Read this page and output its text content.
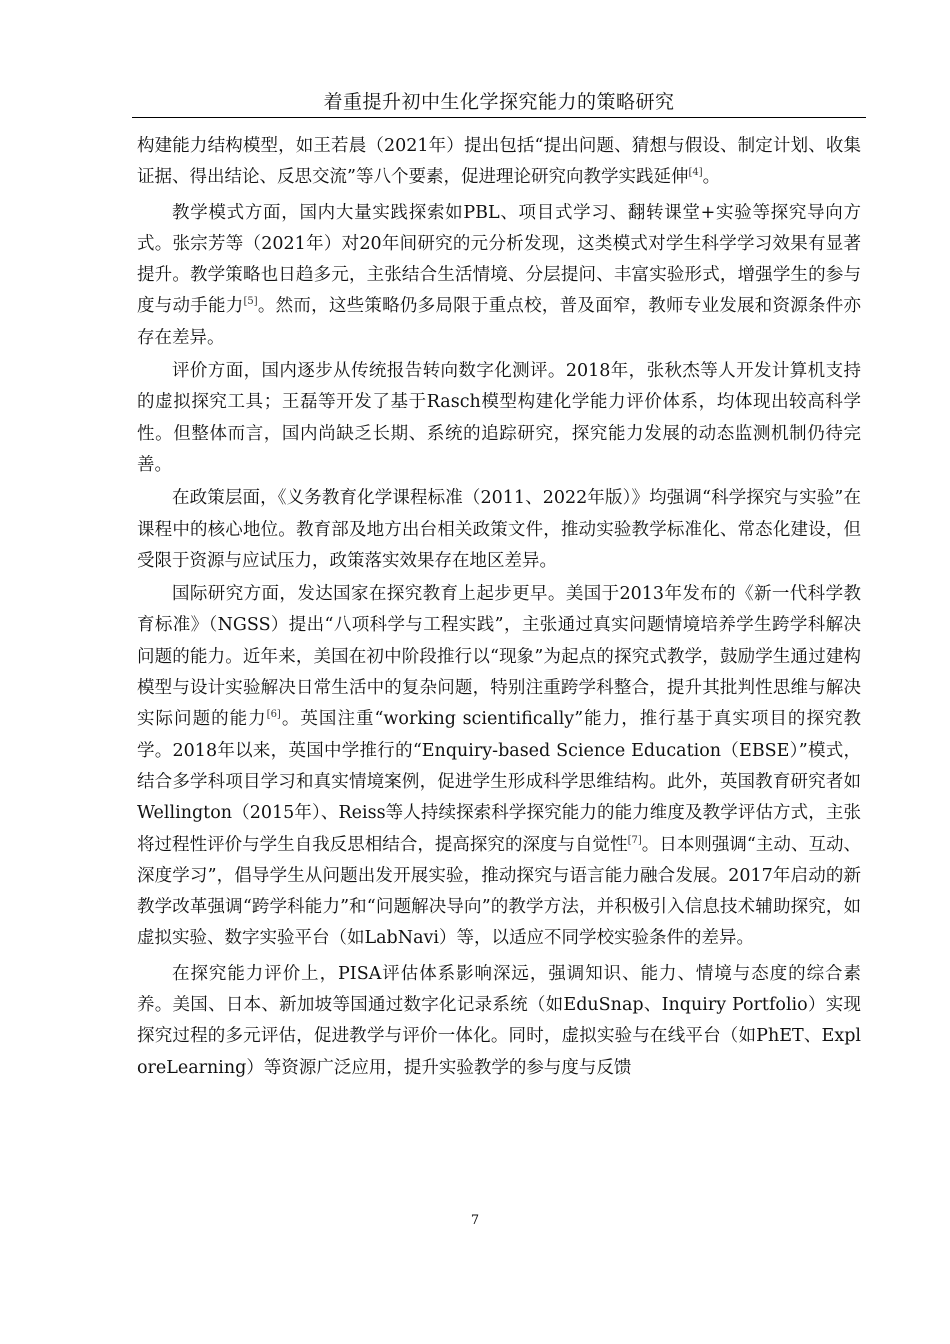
着重提升初中生化学探究能力的策略研究

构建能力结构模型，如王若晨（2021年）提出包括“提出问题、猜想与假设、制定计划、收集证据、得出结论、反思交流”等八个要素，促进理论研究向教学实践延伸[4]。

教学模式方面，国内大量实践探索如PBL、项目式学习、翻转课堂+实验等探究导向方式。张宗芳等（2021年）对20年间研究的元分析发现，这类模式对学生科学学习效果有显著提升。教学策略也日趋多元，主张结合生活情境、分层提问、丰富实验形式，增强学生的参与度与动手能力[5]。然而，这些策略仍多局限于重点校，普及面窄，教师专业发展和资源条件亦存在差异。

评价方面，国内逐步从传统报告转向数字化测评。2018年，张秋杰等人开发计算机支持的虚拟探究工具；王磊等开发了基于Rasch模型构建化学能力评价体系，均体现出较高科学性。但整体而言，国内尚缺乏长期、系统的追踪研究，探究能力发展的动态监测机制仍待完善。

在政策层面，《义务教育化学课程标准（2011、2022年版）》均强调“科学探究与实验”在课程中的核心地位。教育部及地方出台相关政策文件，推动实验教学标准化、常态化建设，但受限于资源与应试压力，政策落实效果存在地区差异。

国际研究方面，发达国家在探究教育上起步更早。美国于2013年发布的《新一代科学教育标准》（NGSS）提出“八项科学与工程实践”，主张通过真实问题情境培养学生跨学科解决问题的能力。近年来，美国在初中阶段推行以“现象”为起点的探究式教学，鼓励学生通过建构模型与设计实验解决日常生活中的复杂问题，特别注重跨学科整合，提升其批判性思维与解决实际问题的能力[6]。英国注重“working scientifically”能力，推行基于真实项目的探究教学。2018年以来，英国中学推行的“Enquiry-based Science Education（EBSE）”模式，结合多学科项目学习和真实情境案例，促进学生形成科学思维结构。此外，英国教育研究者如Wellington（2015年）、Reiss等人持续探索科学探究能力的能力维度及教学评估方式，主张将过程性评价与学生自我反思相结合，提高探究的深度与自觉性[7]。日本则强调“主动、互动、深度学习”，倡导学生从问题出发开展实验，推动探究与语言能力融合发展。2017年启动的新教学改革强调“跨学科能力”和“问题解决导向”的教学方法，并积极引入信息技术辅助探究，如虚拟实验、数字实验平台（如LabNavi）等，以适应不同学校实验条件的差异。

在探究能力评价上，PISA评估体系影响深远，强调知识、能力、情境与态度的综合素养。美国、日本、新加坡等国通过数字化记录系统（如EduSnap、Inquiry Portfolio）实现探究过程的多元评估，促进教学与评价一体化。同时，虚拟实验与在线平台（如PhET、ExploreLearning）等资源广泛应用，提升实验教学的参与度与反馈

7
